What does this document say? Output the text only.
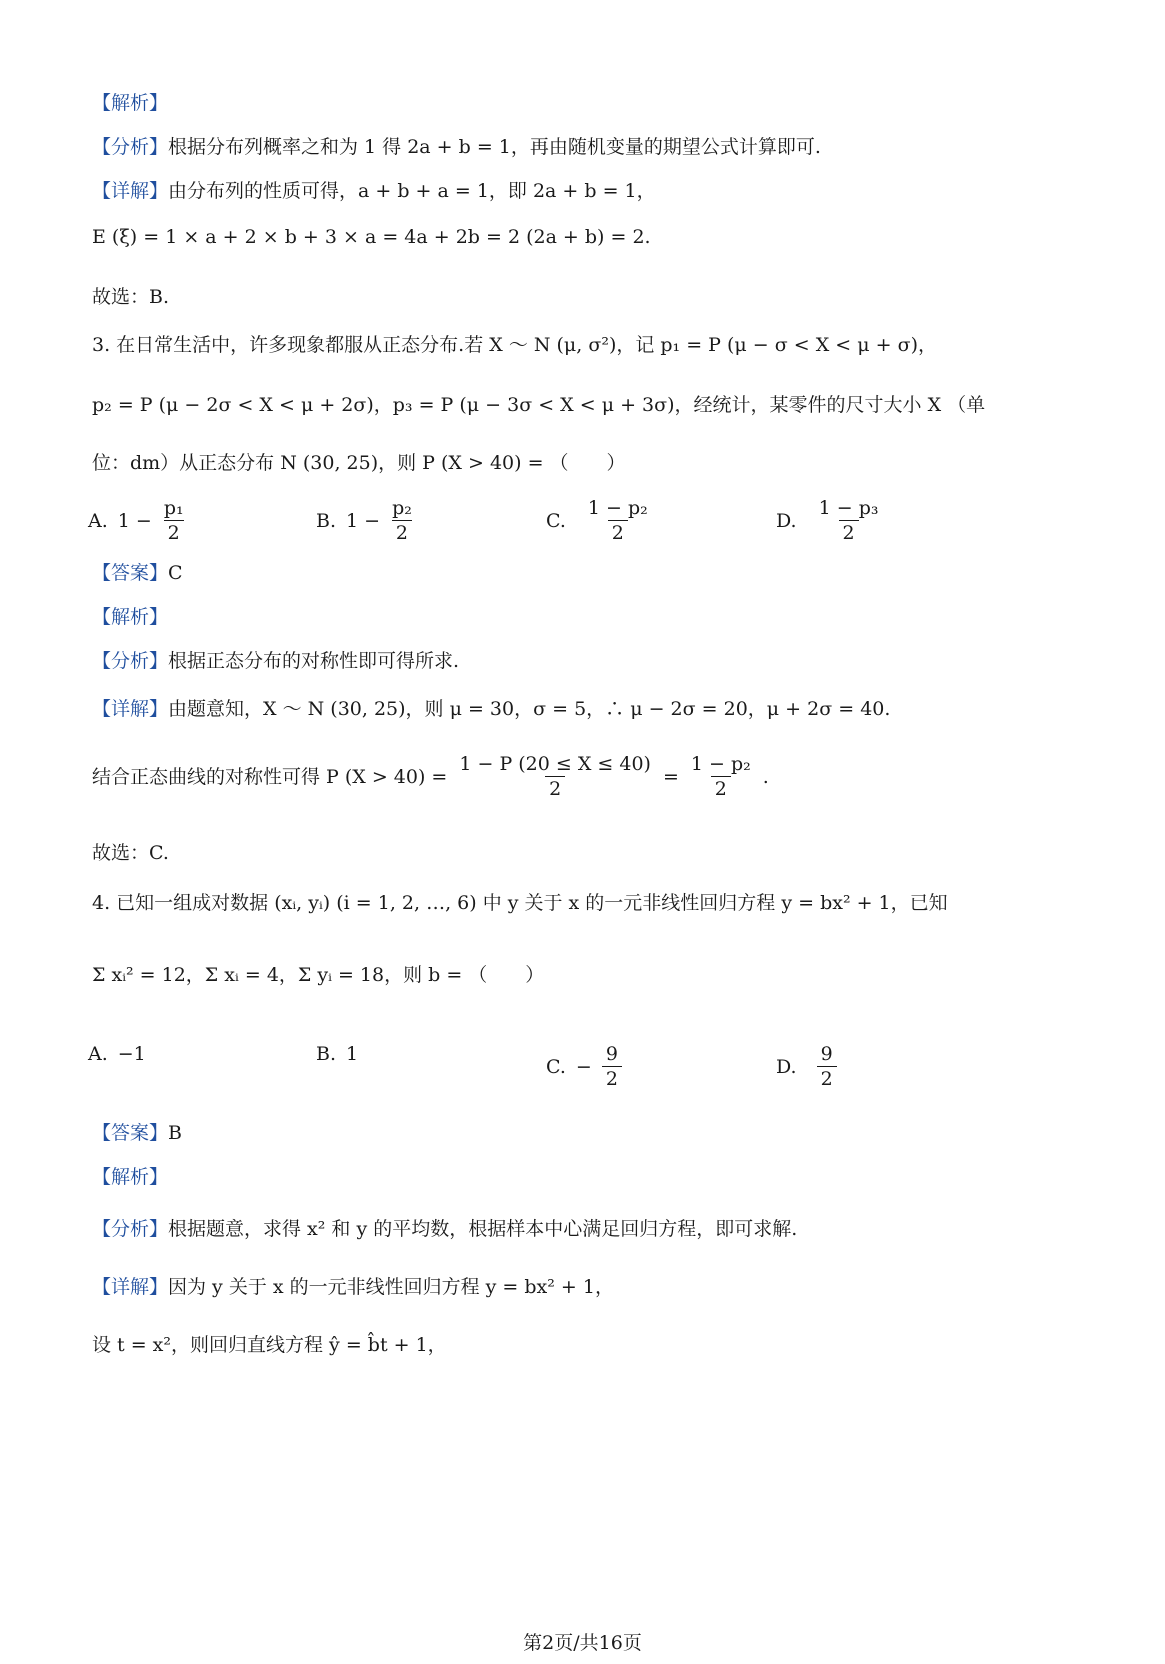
【解析】
【分析】根据分布列概率之和为 1 得 2a + b = 1，再由随机变量的期望公式计算即可.
【详解】由分布列的性质可得，a + b + a = 1，即 2a + b = 1，
E (ξ) = 1 × a + 2 × b + 3 × a = 4a + 2b = 2 (2a + b) = 2.
故选：B.
3. 在日常生活中，许多现象都服从正态分布.若 X ～ N (μ, σ²)，记 p₁ = P (μ − σ < X < μ + σ)，
p₂ = P (μ − 2σ < X < μ + 2σ)，p₃ = P (μ − 3σ < X < μ + 3σ)，经统计，某零件的尺寸大小 X （单
位：dm）从正态分布 N (30, 25)，则 P (X > 40) = （　　）
A. $1 - \frac{\text{p₁}}{2}$	B. $1 - \frac{\text{p₂}}{2}$	C. $\frac{\text{1 − p₂}}{2}$	D. $\frac{\text{1 − p₃}}{2}$
【答案】C
【解析】
【分析】根据正态分布的对称性即可得所求.
【详解】由题意知，X ～ N (30, 25)，则 μ = 30，σ = 5，∴ μ − 2σ = 20，μ + 2σ = 40.
结合正态曲线的对称性可得 P $(X > 40) = \frac{1 - P (20 \le X \le 40)}{2} = \frac{\text{1 − p₂}}{2}$ .
故选：C.
4. 已知一组成对数据 (xᵢ, yᵢ) (i = 1, 2, …, 6) 中 y 关于 x 的一元非线性回归方程 y = bx² + 1，已知
Σ xᵢ² = 12，Σ xᵢ = 4，Σ yᵢ = 18，则 b = （　　）
A. −1	B. 1
C. − $\frac{9}{2}$	D. $\frac{9}{2}$
【答案】B
【解析】
【分析】根据题意，求得 x² 和 y 的平均数，根据样本中心满足回归方程，即可求解.
【详解】因为 y 关于 x 的一元非线性回归方程 y = bx² + 1，
设 t = x²，则回归直线方程 ŷ = b̂t + 1，
第2页/共16页
